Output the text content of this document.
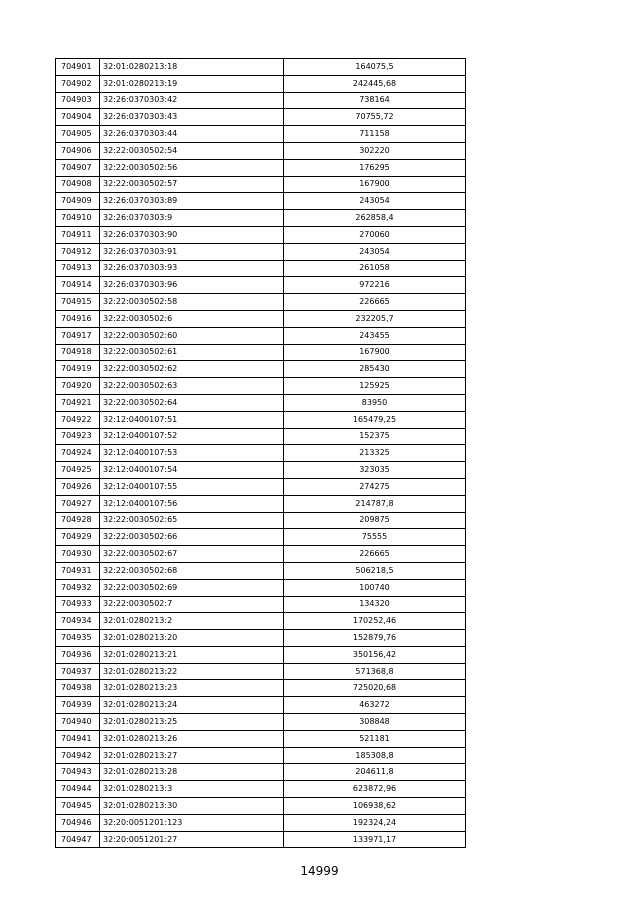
704901	32:01:0280213:18	164075,5
704902	32:01:0280213:19	242445,68
704903	32:26:0370303:42	738164
704904	32:26:0370303:43	70755,72
704905	32:26:0370303:44	711158
704906	32:22:0030502:54	302220
704907	32:22:0030502:56	176295
704908	32:22:0030502:57	167900
704909	32:26:0370303:89	243054
704910	32:26:0370303:9	262858,4
704911	32:26:0370303:90	270060
704912	32:26:0370303:91	243054
704913	32:26:0370303:93	261058
704914	32:26:0370303:96	972216
704915	32:22:0030502:58	226665
704916	32:22:0030502:6	232205,7
704917	32:22:0030502:60	243455
704918	32:22:0030502:61	167900
704919	32:22:0030502:62	285430
704920	32:22:0030502:63	125925
704921	32:22:0030502:64	83950
704922	32:12:0400107:51	165479,25
704923	32:12:0400107:52	152375
704924	32:12:0400107:53	213325
704925	32:12:0400107:54	323035
704926	32:12:0400107:55	274275
704927	32:12:0400107:56	214787,8
704928	32:22:0030502:65	209875
704929	32:22:0030502:66	75555
704930	32:22:0030502:67	226665
704931	32:22:0030502:68	506218,5
704932	32:22:0030502:69	100740
704933	32:22:0030502:7	134320
704934	32:01:0280213:2	170252,46
704935	32:01:0280213:20	152879,76
704936	32:01:0280213:21	350156,42
704937	32:01:0280213:22	571368,8
704938	32:01:0280213:23	725020,68
704939	32:01:0280213:24	463272
704940	32:01:0280213:25	308848
704941	32:01:0280213:26	521181
704942	32:01:0280213:27	185308,8
704943	32:01:0280213:28	204611,8
704944	32:01:0280213:3	623872,96
704945	32:01:0280213:30	106938,62
704946	32:20:0051201:123	192324,24
704947	32:20:0051201:27	133971,17
14999
